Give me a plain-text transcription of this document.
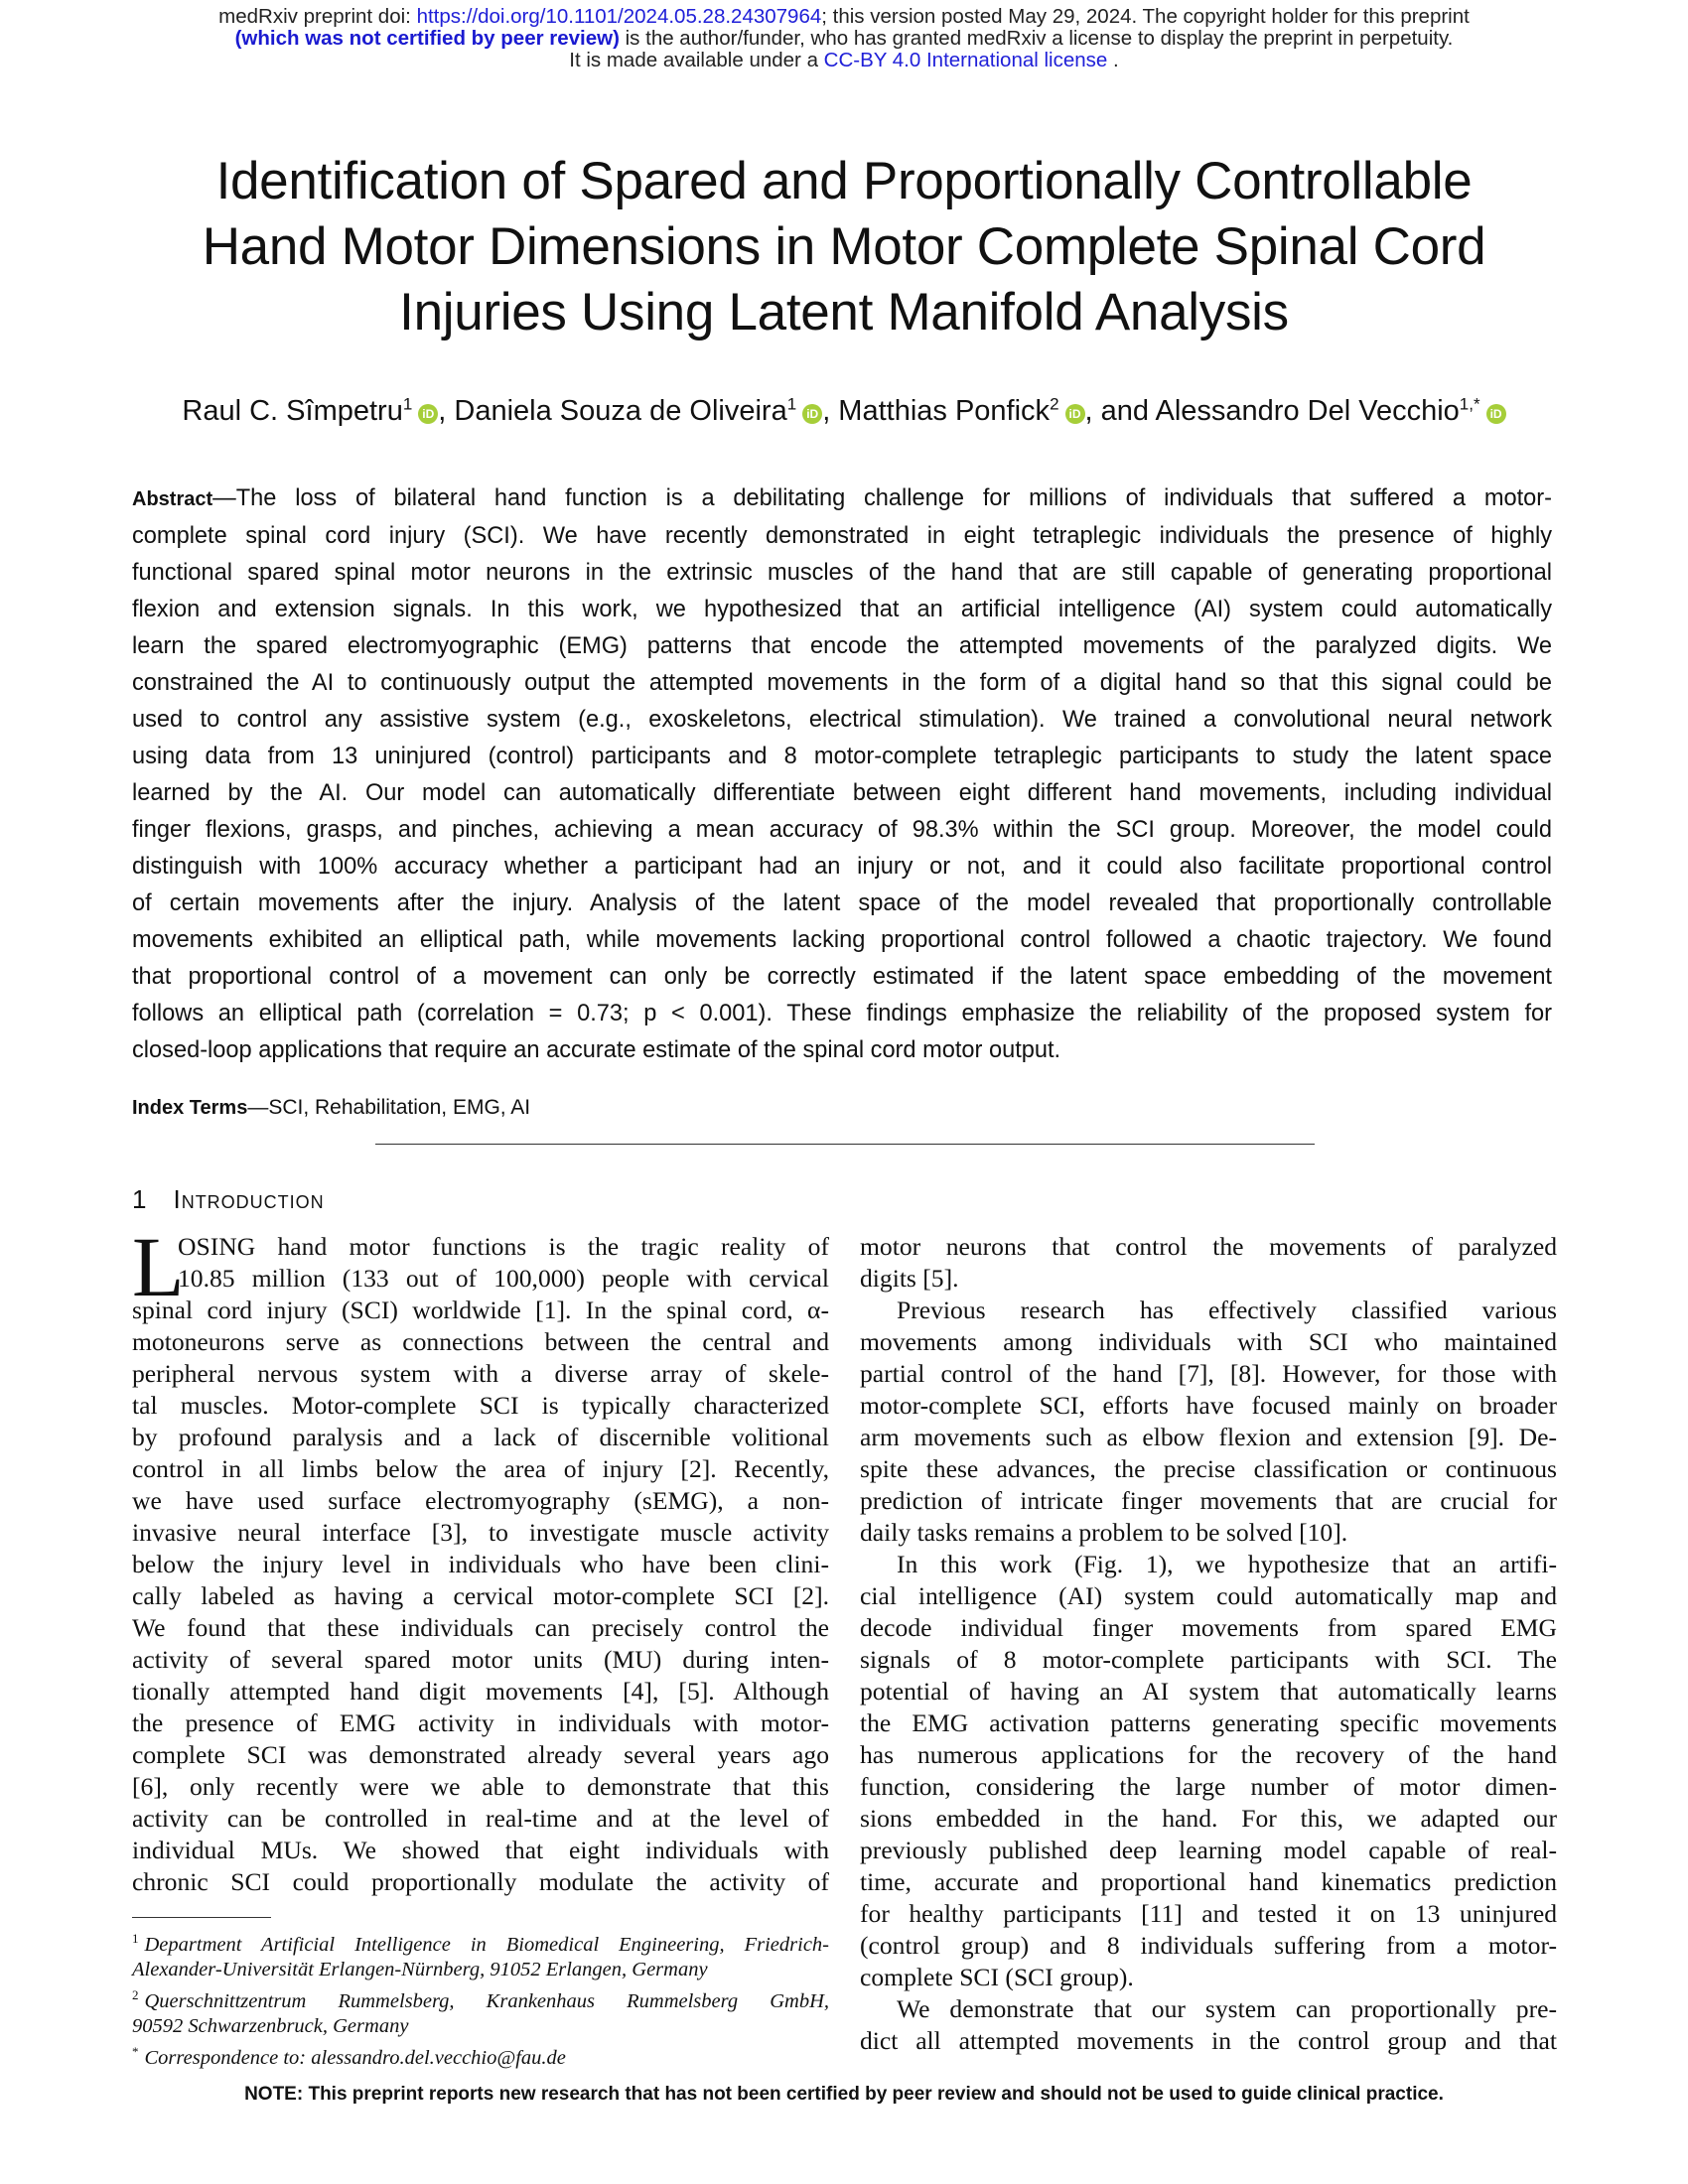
medRxiv preprint doi: https://doi.org/10.1101/2024.05.28.24307964; this version posted May 29, 2024. The copyright holder for this preprint
(which was not certified by peer review) is the author/funder, who has granted medRxiv a license to display the preprint in perpetuity.
It is made available under a CC-BY 4.0 International license .
Identification of Spared and Proportionally Controllable
Hand Motor Dimensions in Motor Complete Spinal Cord
Injuries Using Latent Manifold Analysis
Raul C. Sîmpetru$^1$iD , Daniela Souza de Oliveira$^1$iD , Matthias Ponfick$^2$iD , and Alessandro Del Vecchio$^{1,*}$iD
Abstract—The loss of bilateral hand function is a debilitating challenge for millions of individuals that suffered a motor-
complete spinal cord injury (SCI). We have recently demonstrated in eight tetraplegic individuals the presence of highly
functional spared spinal motor neurons in the extrinsic muscles of the hand that are still capable of generating proportional
flexion and extension signals. In this work, we hypothesized that an artificial intelligence (AI) system could automatically
learn the spared electromyographic (EMG) patterns that encode the attempted movements of the paralyzed digits. We
constrained the AI to continuously output the attempted movements in the form of a digital hand so that this signal could be
used to control any assistive system (e.g., exoskeletons, electrical stimulation). We trained a convolutional neural network
using data from 13 uninjured (control) participants and 8 motor-complete tetraplegic participants to study the latent space
learned by the AI. Our model can automatically differentiate between eight different hand movements, including individual
finger flexions, grasps, and pinches, achieving a mean accuracy of 98.3% within the SCI group. Moreover, the model could
distinguish with 100% accuracy whether a participant had an injury or not, and it could also facilitate proportional control
of certain movements after the injury. Analysis of the latent space of the model revealed that proportionally controllable
movements exhibited an elliptical path, while movements lacking proportional control followed a chaotic trajectory. We found
that proportional control of a movement can only be correctly estimated if the latent space embedding of the movement
follows an elliptical path (correlation = 0.73; p < 0.001). These findings emphasize the reliability of the proposed system for
closed-loop applications that require an accurate estimate of the spinal cord motor output.
Index Terms—SCI, Rehabilitation, EMG, AI
1 Introduction
L
OSING hand motor functions is the tragic reality of
10.85 million (133 out of 100,000) people with cervical
spinal cord injury (SCI) worldwide [1]. In the spinal cord, α-
motoneurons serve as connections between the central and
peripheral nervous system with a diverse array of skele-
tal muscles. Motor-complete SCI is typically characterized
by profound paralysis and a lack of discernible volitional
control in all limbs below the area of injury [2]. Recently,
we have used surface electromyography (sEMG), a non-
invasive neural interface [3], to investigate muscle activity
below the injury level in individuals who have been clini-
cally labeled as having a cervical motor-complete SCI [2].
We found that these individuals can precisely control the
activity of several spared motor units (MU) during inten-
tionally attempted hand digit movements [4], [5]. Although
the presence of EMG activity in individuals with motor-
complete SCI was demonstrated already several years ago
[6], only recently were we able to demonstrate that this
activity can be controlled in real-time and at the level of
individual MUs. We showed that eight individuals with
chronic SCI could proportionally modulate the activity of
$^1$ Department Artificial Intelligence in Biomedical Engineering, Friedrich-
Alexander-Universität Erlangen-Nürnberg, 91052 Erlangen, Germany
$^2$ Querschnittzentrum Rummelsberg, Krankenhaus Rummelsberg GmbH,
90592 Schwarzenbruck, Germany
* Correspondence to: alessandro.del.vecchio@fau.de
motor neurons that control the movements of paralyzed
digits [5].
Previous research has effectively classified various
movements among individuals with SCI who maintained
partial control of the hand [7], [8]. However, for those with
motor-complete SCI, efforts have focused mainly on broader
arm movements such as elbow flexion and extension [9]. De-
spite these advances, the precise classification or continuous
prediction of intricate finger movements that are crucial for
daily tasks remains a problem to be solved [10].
In this work (Fig. 1), we hypothesize that an artifi-
cial intelligence (AI) system could automatically map and
decode individual finger movements from spared EMG
signals of 8 motor-complete participants with SCI. The
potential of having an AI system that automatically learns
the EMG activation patterns generating specific movements
has numerous applications for the recovery of the hand
function, considering the large number of motor dimen-
sions embedded in the hand. For this, we adapted our
previously published deep learning model capable of real-
time, accurate and proportional hand kinematics prediction
for healthy participants [11] and tested it on 13 uninjured
(control group) and 8 individuals suffering from a motor-
complete SCI (SCI group).
We demonstrate that our system can proportionally pre-
dict all attempted movements in the control group and that
NOTE: This preprint reports new research that has not been certified by peer review and should not be used to guide clinical practice.
